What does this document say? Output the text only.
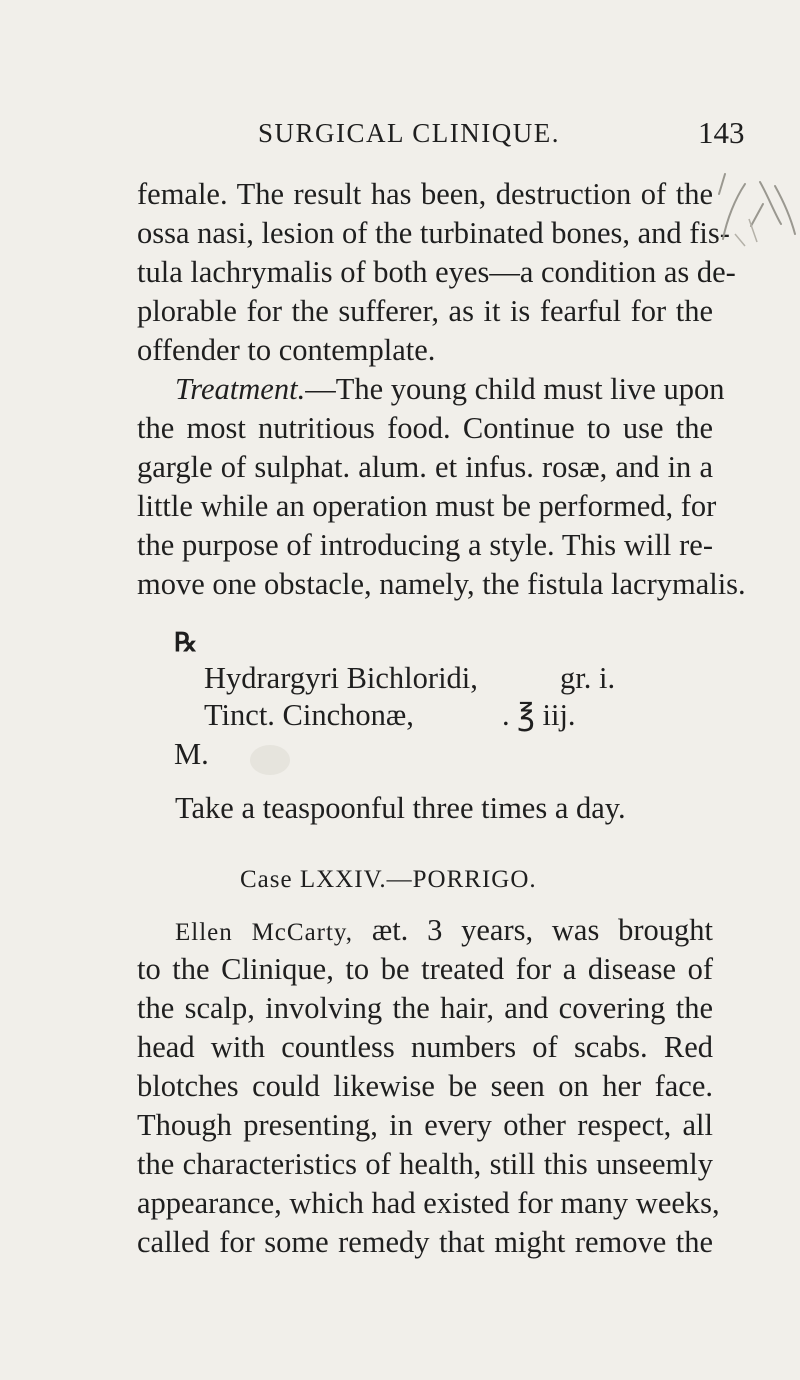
SURGICAL CLINIQUE.	143
female. The result has been, destruction of the
ossa nasi, lesion of the turbinated bones, and fis-
tula lachrymalis of both eyes—a condition as de-
plorable for the sufferer, as it is fearful for the
offender to contemplate.
Treatment.—The young child must live upon
the most nutritious food. Continue to use the
gargle of sulphat. alum. et infus. rosæ, and in a
little while an operation must be performed, for
the purpose of introducing a style. This will re-
move one obstacle, namely, the fistula lacrymalis.
℞
Hydrargyri Bichloridi,	gr. i.
Tinct. Cinchonæ,	. ℥ iij.
M.
Take a teaspoonful three times a day.
Case LXXIV.—PORRIGO.
Ellen McCarty, æt. 3 years, was brought
to the Clinique, to be treated for a disease of
the scalp, involving the hair, and covering the
head with countless numbers of scabs. Red
blotches could likewise be seen on her face.
Though presenting, in every other respect, all
the characteristics of health, still this unseemly
appearance, which had existed for many weeks,
called for some remedy that might remove the
